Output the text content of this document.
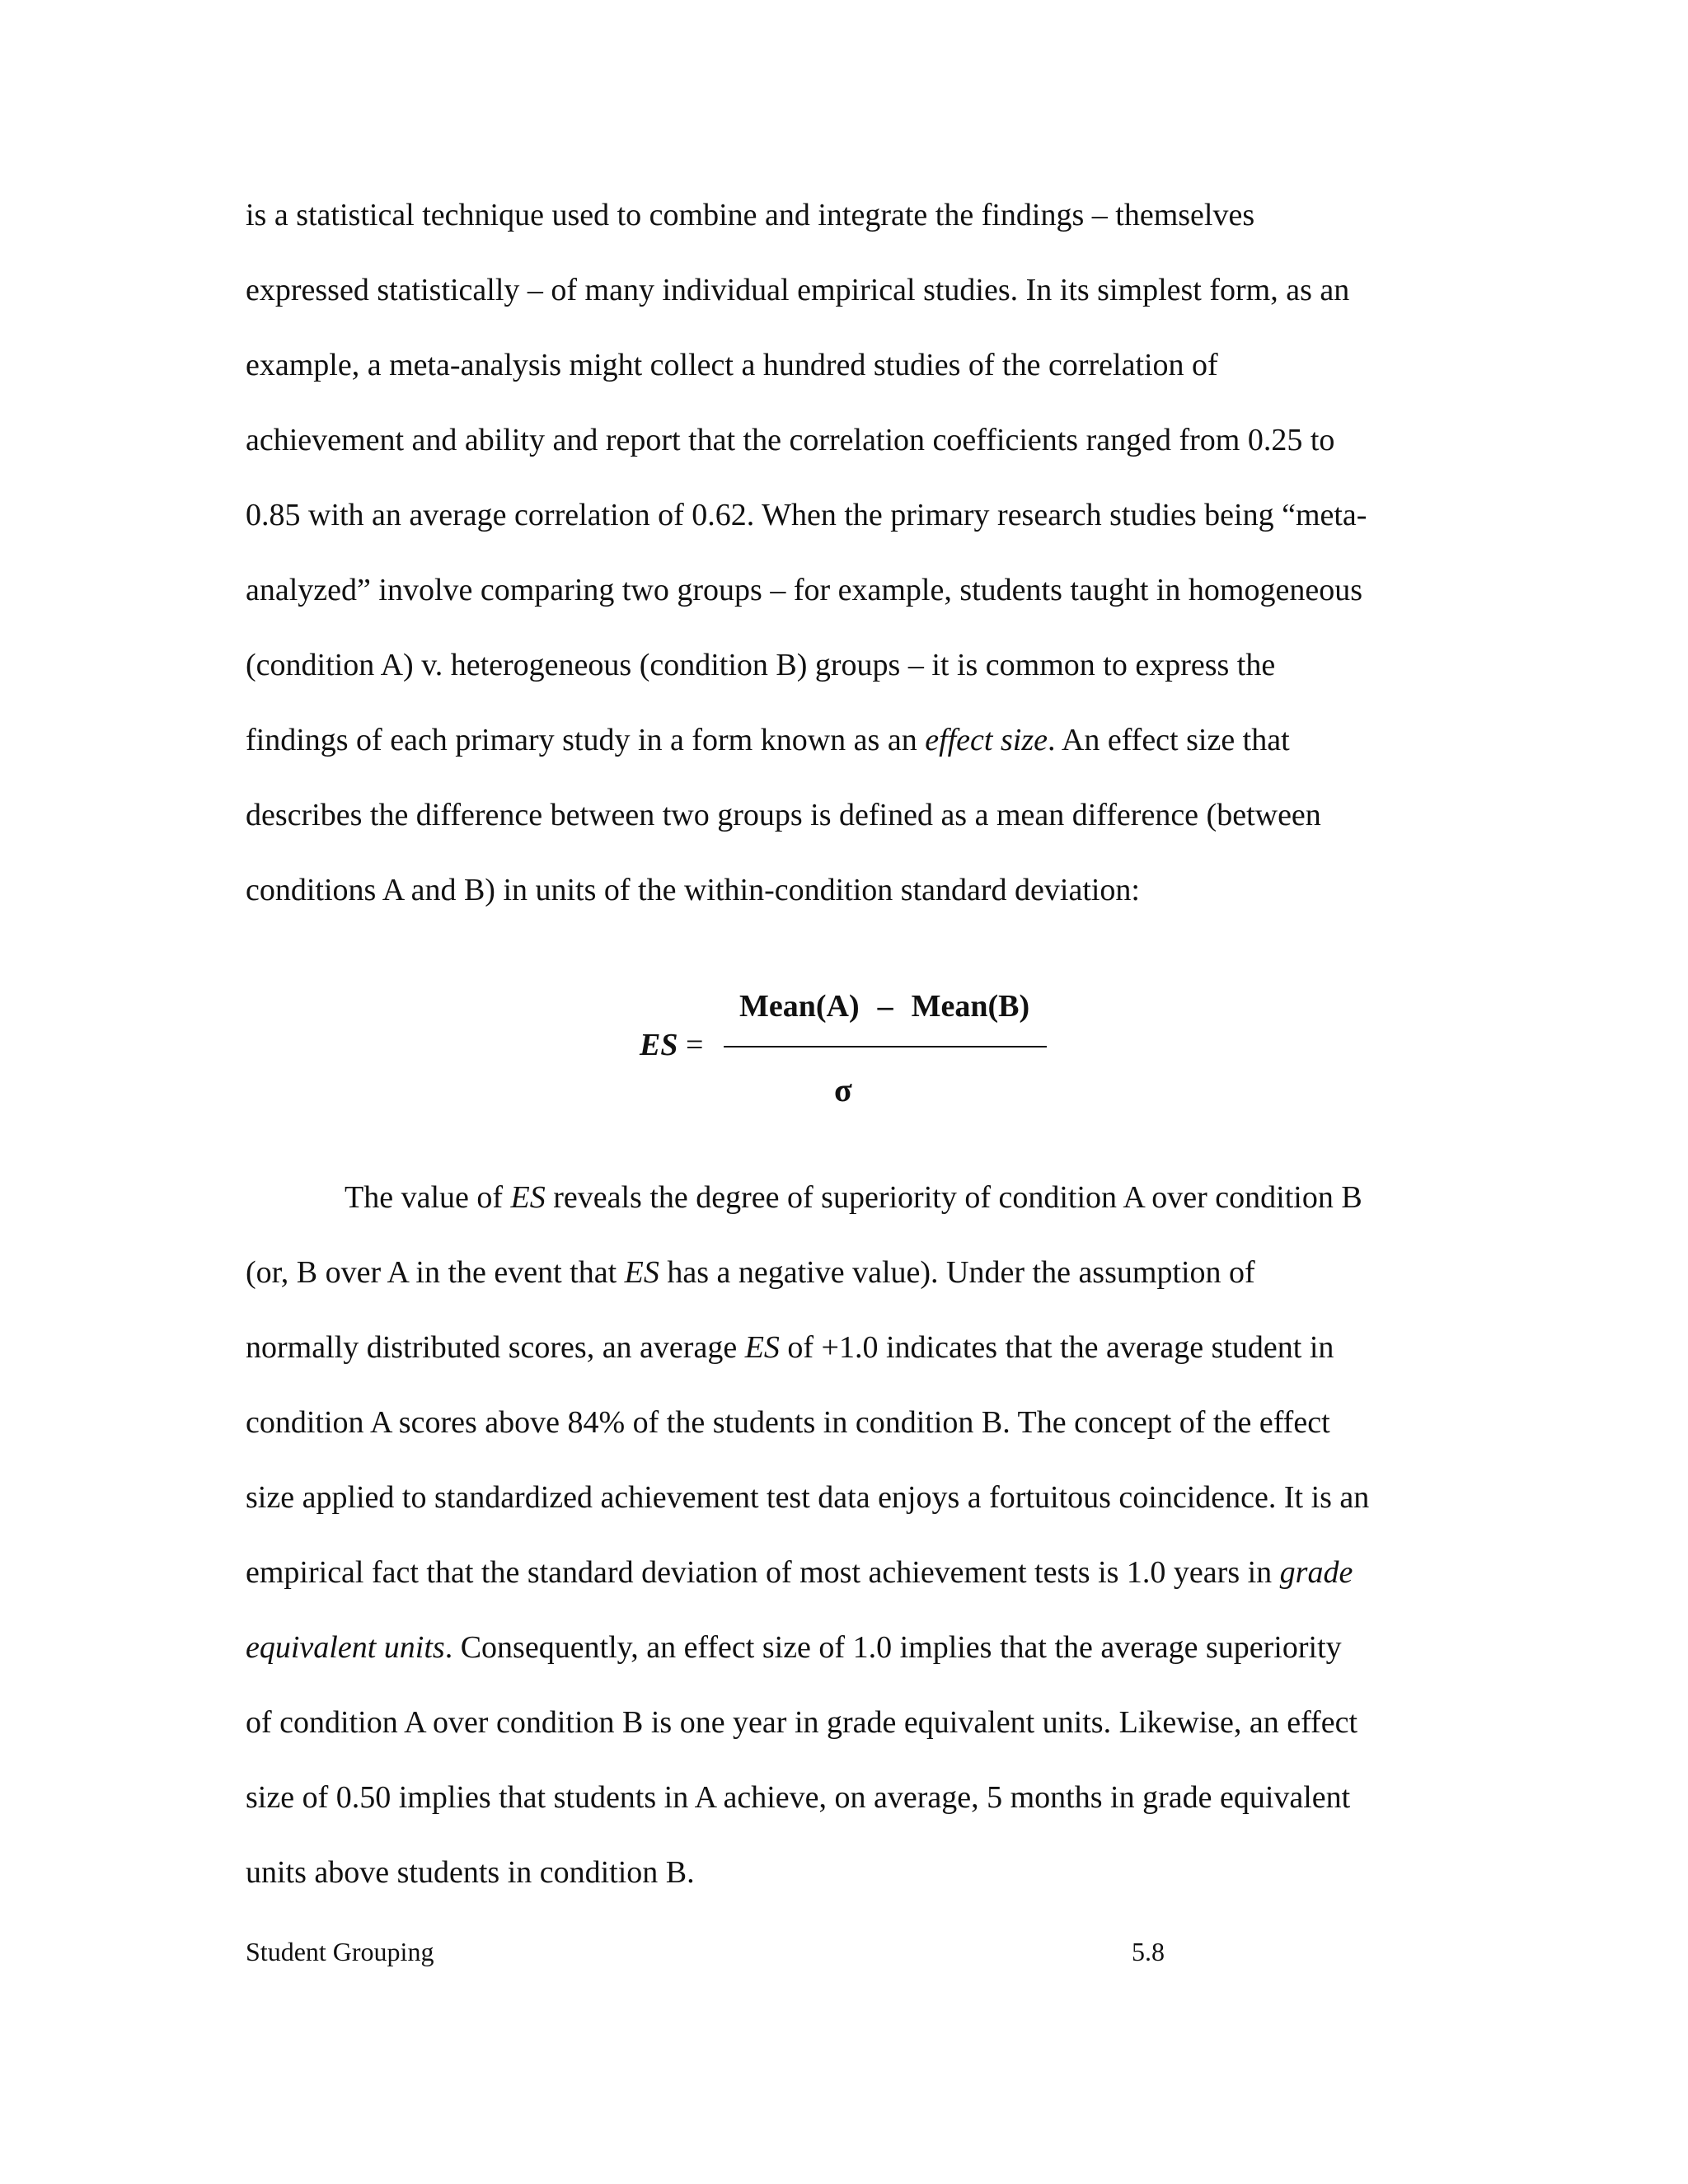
is a statistical technique used to combine and integrate the findings – themselves
expressed statistically – of many individual empirical studies. In its simplest form, as an
example, a meta-analysis might collect a hundred studies of the correlation of
achievement and ability and report that the correlation coefficients ranged from 0.25 to
0.85 with an average correlation of 0.62. When the primary research studies being “meta-
analyzed” involve comparing two groups – for example, students taught in homogeneous
(condition A) v. heterogeneous (condition B) groups – it is common to express the
findings of each primary study in a form known as an effect size. An effect size that
describes the difference between two groups is defined as a mean difference (between
conditions A and B) in units of the within-condition standard deviation:
ES =
Mean(A) – Mean(B)
σ
The value of ES reveals the degree of superiority of condition A over condition B
(or, B over A in the event that ES has a negative value). Under the assumption of
normally distributed scores, an average ES of +1.0 indicates that the average student in
condition A scores above 84% of the students in condition B. The concept of the effect
size applied to standardized achievement test data enjoys a fortuitous coincidence. It is an
empirical fact that the standard deviation of most achievement tests is 1.0 years in grade
equivalent units. Consequently, an effect size of 1.0 implies that the average superiority
of condition A over condition B is one year in grade equivalent units. Likewise, an effect
size of 0.50 implies that students in A achieve, on average, 5 months in grade equivalent
units above students in condition B.
Student Grouping	5.8
